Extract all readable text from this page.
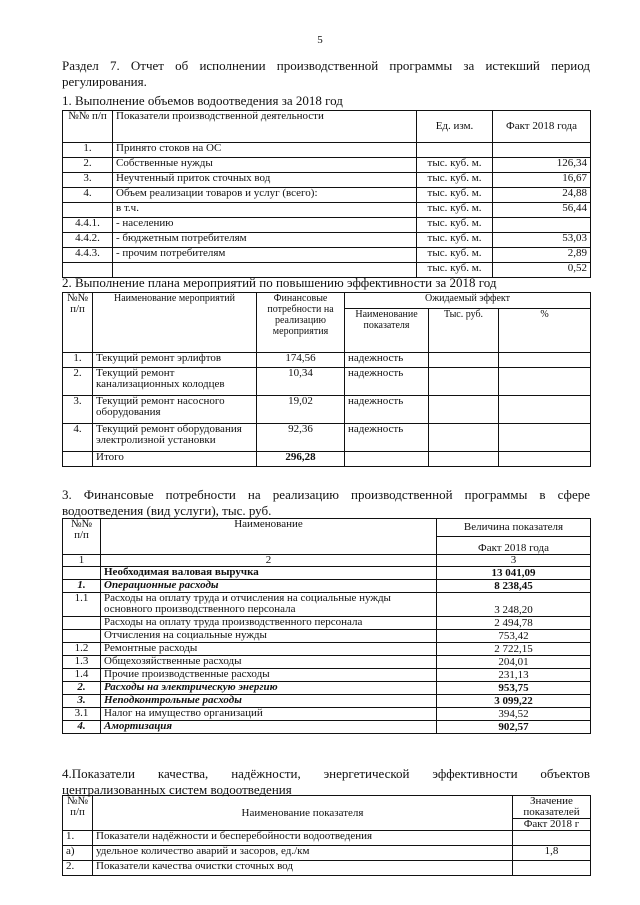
5
Раздел 7. Отчет об исполнении производственной программы за истекший период регулирования.
1. Выполнение объемов водоотведения за 2018 год
№№ п/п	Показатели производственной деятельности	Ед. изм.	Факт 2018 года
1.	Принято стоков на ОС		
2.	Собственные нужды	тыс. куб. м.	126,34
3.	Неучтенный приток сточных вод	тыс. куб. м.	16,67
4.	Объем реализации товаров и услуг (всего):	тыс. куб. м.	24,88
	в т.ч.	тыс. куб. м.	56,44
4.4.1.	- населению	тыс. куб. м.	
4.4.2.	- бюджетным потребителям	тыс. куб. м.	53,03
4.4.3.	- прочим потребителям	тыс. куб. м.	2,89
		тыс. куб. м.	0,52
2. Выполнение плана мероприятий по повышению эффективности за 2018 год
№№ п/п	Наименование мероприятий	Финансовые потребности на реализацию мероприятия	Ожидаемый эффект		
			Наименование показателя	Тыс. руб.	%
1.	Текущий ремонт эрлифтов	174,56	надежность		
2.	Текущий ремонт канализационных колодцев	10,34	надежность		
3.	Текущий ремонт насосного оборудования	19,02	надежность		
4.	Текущий ремонт оборудования электролизной установки	92,36	надежность		
	Итого	296,28			
3. Финансовые потребности на реализацию производственной программы в сфере водоотведения (вид услуги), тыс. руб.
№№ п/п	Наименование	Величина показателя
		Факт 2018 года
1	2	3
	Необходимая валовая выручка	13 041,09
1.	Операционные расходы	8 238,45
1.1	Расходы на оплату труда и отчисления на социальные нужды основного производственного персонала	3 248,20
	Расходы на оплату труда производственного персонала	2 494,78
	Отчисления на социальные нужды	753,42
1.2	Ремонтные расходы	2 722,15
1.3	Общехозяйственные расходы	204,01
1.4	Прочие производственные расходы	231,13
2.	Расходы на электрическую энергию	953,75
3.	Неподконтрольные расходы	3 099,22
3.1	Налог на имущество организаций	394,52
4.	Амортизация	902,57
4.Показатели качества, надёжности, энергетической эффективности объектов централизованных систем водоотведения
№№ п/п	Наименование показателя	Значение показателей
		Факт 2018 г
1.	Показатели надёжности и бесперебойности водоотведения	
а)	удельное количество аварий и засоров, ед./км	1,8
2.	Показатели качества очистки сточных вод	
